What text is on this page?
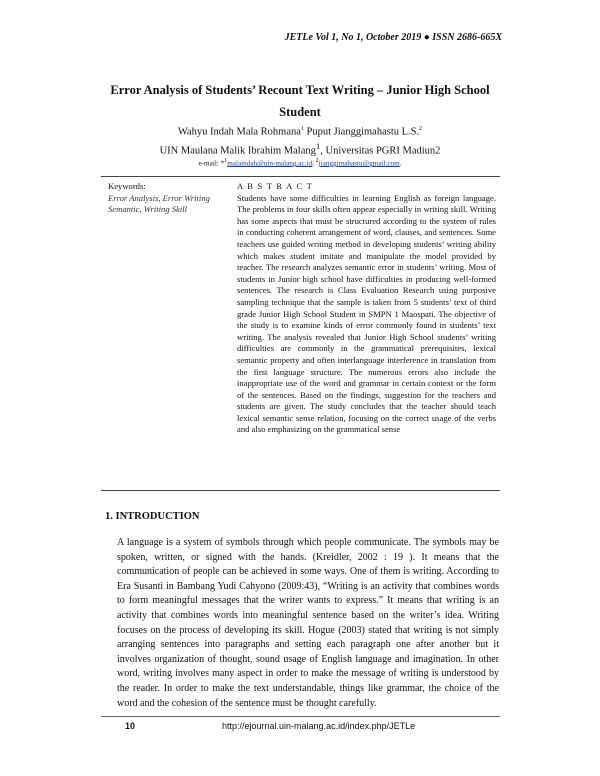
JETLe Vol 1, No 1, October 2019 ● ISSN 2686-665X
Error Analysis of Students’ Recount Text Writing – Junior High School Student
Wahyu Indah Mala Rohmana$^1$ Puput Jianggimahastu L.S.$^2$
UIN Maulana Malik Ibrahim Malang$^1$, Universitas PGRI Madiun2
e-mail: *$^1$malaindah@uin-malang.ac.id, $^2$jianggimahastu@gmail.com.
Keywords:
Error Analysis, Error Writing Semantic, Writing Skill
A B S T R A C T
Students have some difficulties in learning English as foreign language. The problems in four skills often appear especially in writing skill. Writing has some aspects that must be structured according to the system of rules in conducting coherent arrangement of word, clauses, and sentences. Some teachers use guided writing method in developing students’ writing ability which makes student imitate and manipulate the model provided by teacher. The research analyzes semantic error in students’ writing. Most of students in Junior high school have difficulties in producing well-formed sentences. The research is Class Evaluation Research using purposive sampling technique that the sample is taken from 5 students’ text of third grade Junior High School Student in SMPN 1 Maospati. The objective of the study is to examine kinds of error commonly found in students’ text writing. The analysis revealed that Junior High School students’ writing difficulties are commonly in the grammatical prerequisites, lexical semantic property and often interlanguage interference in translation from the first language structure. The numerous errors also include the inappropriate use of the word and grammar in certain context or the form of the sentences. Based on the findings, suggestion for the teachers and students are given. The study concludes that the teacher should teach lexical semantic sense relation, focusing on the correct usage of the verbs and also emphasizing on the grammatical sense
1. INTRODUCTION
A language is a system of symbols through which people communicate. The symbols may be spoken, written, or signed with the hands. (Kreidler, 2002 : 19 ). It means that the communication of people can be achieved in some ways. One of them is writing. According to Era Susanti in Bambang Yudi Cahyono (2009:43), “Writing is an activity that combines words to form meaningful messages that the writer wants to express.” It means that writing is an activity that combines words into meaningful sentence based on the writer’s idea. Writing focuses on the process of developing its skill. Hogue (2003) stated that writing is not simply arranging sentences into paragraphs and setting each paragraph one after another but it involves organization of thought, sound usage of English language and imagination. In other word, writing involves many aspect in order to make the message of writing is understood by the reader. In order to make the text understandable, things like grammar, the choice of the word and the cohesion of the sentence must be thought carefully.
10	http://ejournal.uin-malang.ac.id/index.php/JETLe
